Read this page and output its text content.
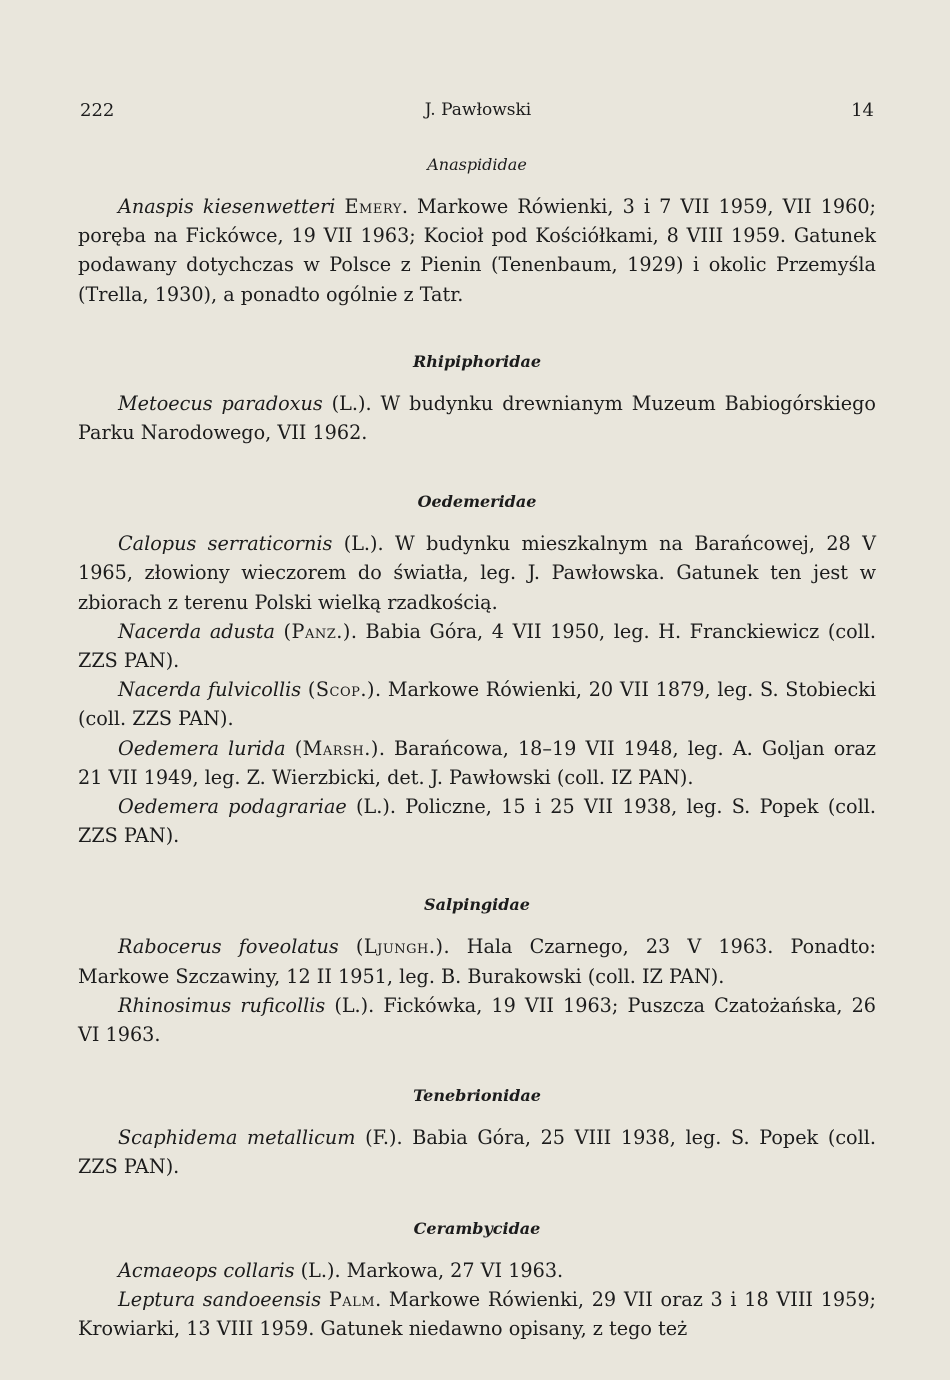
222	J. Pawłowski	14
Anaspididae

Anaspis kiesenwetteri Emery. Markowe Rówienki, 3 i 7 VII 1959, VII 1960; poręba na Fickówce, 19 VII 1963; Kocioł pod Kościółkami, 8 VIII 1959. Gatunek podawany dotychczas w Polsce z Pienin (Tenenbaum, 1929) i okolic Przemyśla (Trella, 1930), a ponadto ogólnie z Tatr.

Rhipiphoridae

Metoecus paradoxus (L.). W budynku drewnianym Muzeum Babiogórskiego Parku Narodowego, VII 1962.

Oedemeridae

Calopus serraticornis (L.). W budynku mieszkalnym na Barańcowej, 28 V 1965, złowiony wieczorem do światła, leg. J. Pawłowska. Gatunek ten jest w zbiorach z terenu Polski wielką rzadkością.

Nacerda adusta (Panz.). Babia Góra, 4 VII 1950, leg. H. Franckiewicz (coll. ZZS PAN).

Nacerda fulvicollis (Scop.). Markowe Rówienki, 20 VII 1879, leg. S. Stobiecki (coll. ZZS PAN).

Oedemera lurida (Marsh.). Barańcowa, 18–19 VII 1948, leg. A. Goljan oraz 21 VII 1949, leg. Z. Wierzbicki, det. J. Pawłowski (coll. IZ PAN).

Oedemera podagrariae (L.). Policzne, 15 i 25 VII 1938, leg. S. Popek (coll. ZZS PAN).

Salpingidae

Rabocerus foveolatus (Ljungh.). Hala Czarnego, 23 V 1963. Ponadto: Markowe Szczawiny, 12 II 1951, leg. B. Burakowski (coll. IZ PAN).

Rhinosimus ruficollis (L.). Fickówka, 19 VII 1963; Puszcza Czatożańska, 26 VI 1963.

Tenebrionidae

Scaphidema metallicum (F.). Babia Góra, 25 VIII 1938, leg. S. Popek (coll. ZZS PAN).

Cerambycidae

Acmaeops collaris (L.). Markowa, 27 VI 1963.

Leptura sandoeensis Palm. Markowe Rówienki, 29 VII oraz 3 i 18 VIII 1959; Krowiarki, 13 VIII 1959. Gatunek niedawno opisany, z tego też
